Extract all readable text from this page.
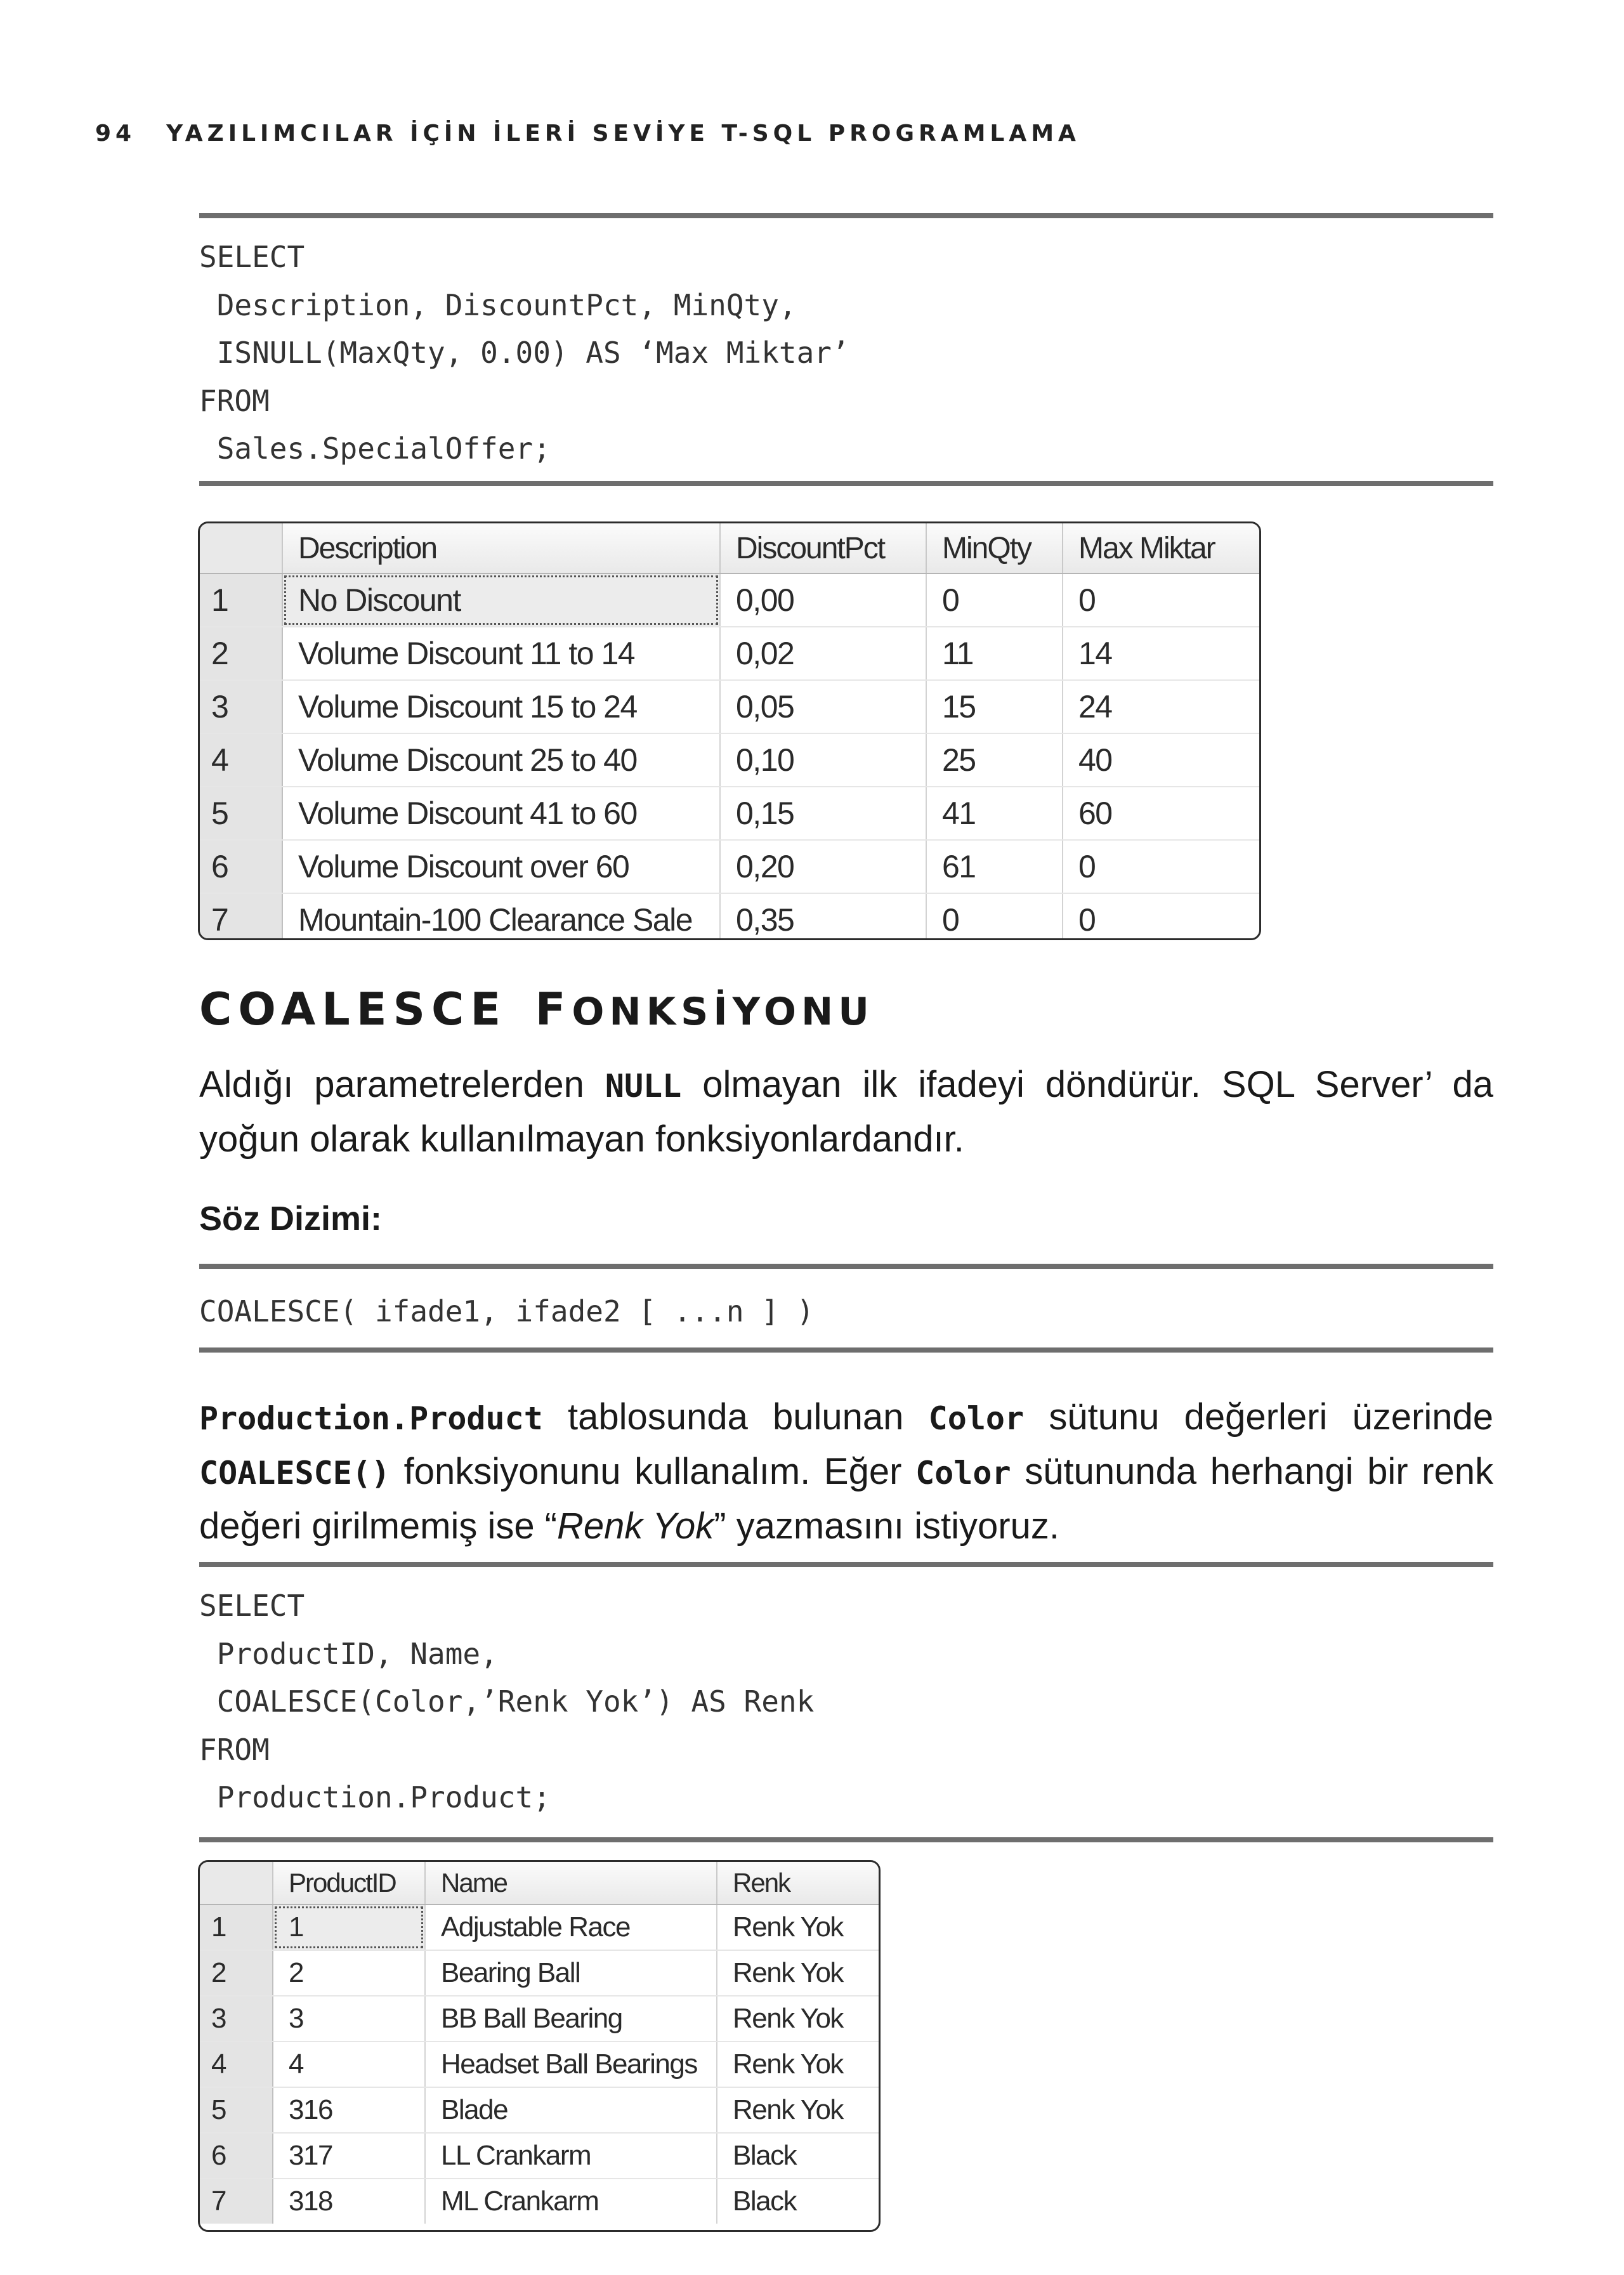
94 YAZILIMCILAR İÇİN İLERİ SEVİYE T-SQL PROGRAMLAMA
SELECT
Description, DiscountPct, MinQty,
ISNULL(MaxQty, 0.00) AS ‘Max Miktar’
FROM
Sales.SpecialOffer;
	Description	DiscountPct	MinQty	Max Miktar
1	No Discount	0,00	0	0
2	Volume Discount 11 to 14	0,02	11	14
3	Volume Discount 15 to 24	0,05	15	24
4	Volume Discount 25 to 40	0,10	25	40
5	Volume Discount 41 to 60	0,15	41	60
6	Volume Discount over 60	0,20	61	0
7	Mountain-100 Clearance Sale	0,35	0	0
COALESCE FONKSİYONU

Aldığı parametrelerden NULL olmayan ilk ifadeyi döndürür. SQL Server’ da yoğun olarak kullanılmayan fonksiyonlardandır.

Söz Dizimi:

COALESCE( ifade1, ifade2 [ ...n ] )

Production.Product tablosunda bulunan Color sütunu değerleri üzerinde COALESCE() fonksiyonunu kullanalım. Eğer Color sütununda herhangi bir renk değeri girilmemiş ise “Renk Yok” yazmasını istiyoruz.

SELECT
ProductID, Name,
COALESCE(Color,’Renk Yok’) AS Renk
FROM
Production.Product;
	ProductID	Name	Renk
1	1	Adjustable Race	Renk Yok
2	2	Bearing Ball	Renk Yok
3	3	BB Ball Bearing	Renk Yok
4	4	Headset Ball Bearings	Renk Yok
5	316	Blade	Renk Yok
6	317	LL Crankarm	Black
7	318	ML Crankarm	Black
